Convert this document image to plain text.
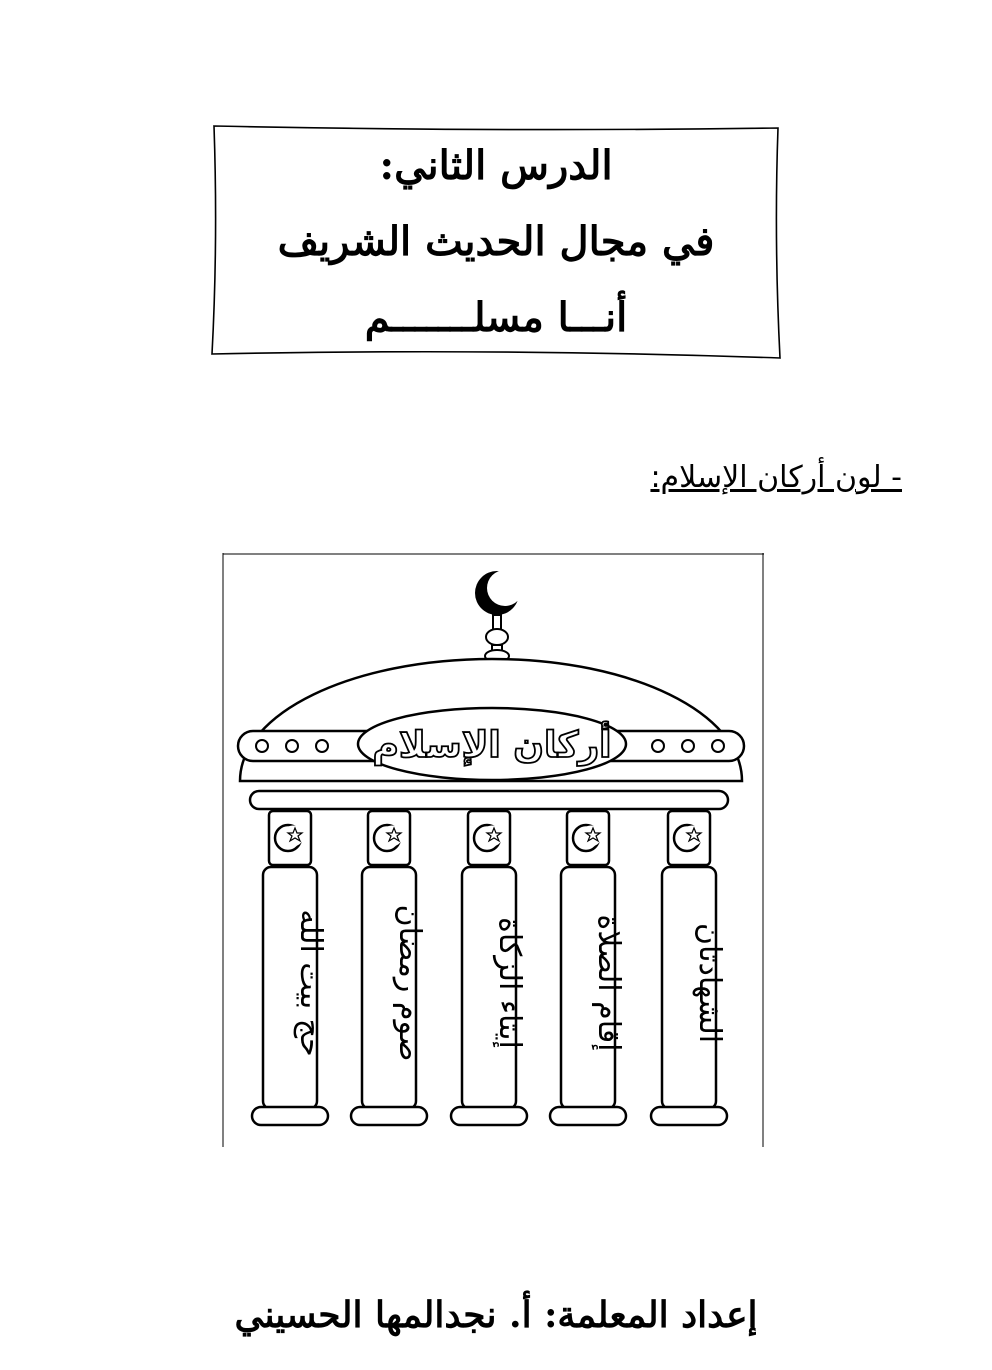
الدرس الثاني:
في مجال الحديث الشريف
أنـــا مسلـــــــم
- لون أركان الإسلام:
أركان الإسلام
الشهادتان
إقام الصلاة
إيتاء الزكاة
صوم رمضان
حج بيت الله
إعداد المعلمة: أ. نجدالمها الحسيني
